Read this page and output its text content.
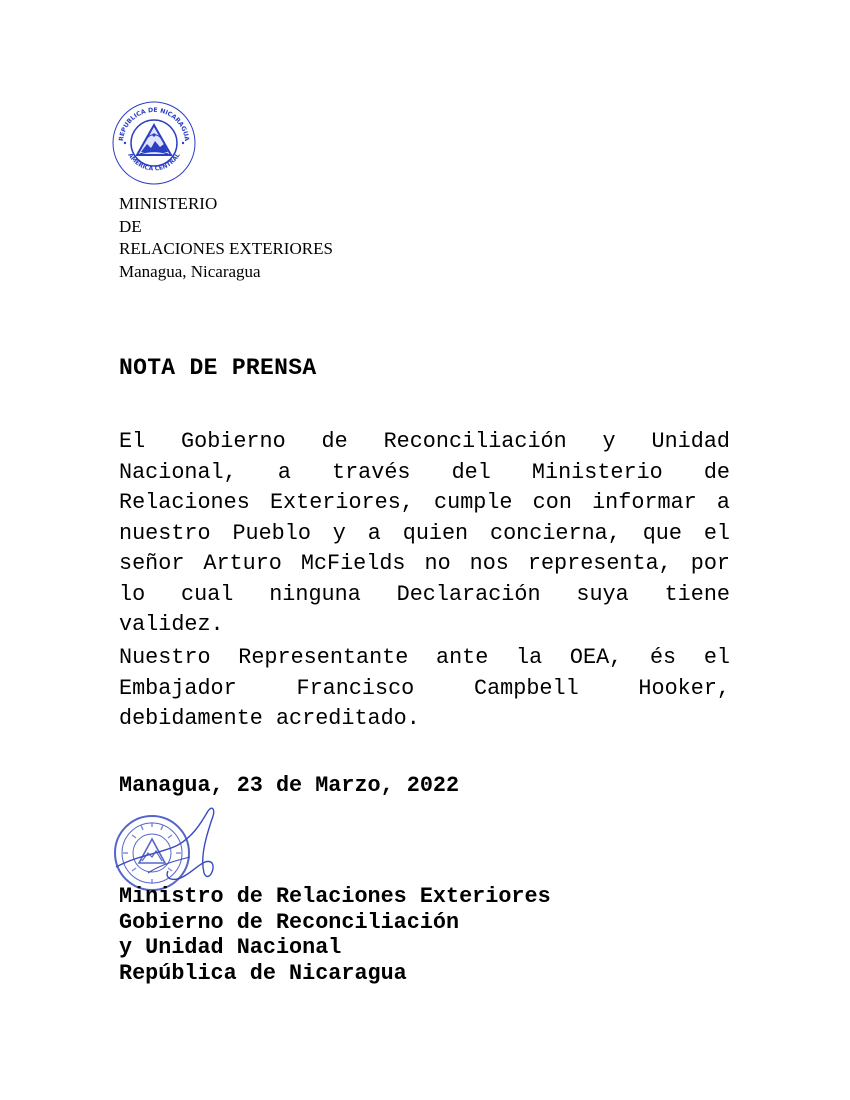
REPUBLICA DE NICARAGUA
AMERICA CENTRAL
MINISTERIO
DE
RELACIONES EXTERIORES
Managua, Nicaragua
NOTA DE PRENSA
El Gobierno de Reconciliación y Unidad Nacional, a través del Ministerio de Relaciones Exteriores, cumple con informar a nuestro Pueblo y a quien concierna, que el señor Arturo McFields no nos representa, por lo cual ninguna Declaración suya tiene validez.
Nuestro Representante ante la OEA, és el Embajador Francisco Campbell Hooker, debidamente acreditado.
Managua, 23 de Marzo, 2022
Ministro de Relaciones Exteriores
Gobierno de Reconciliación
y Unidad Nacional
República de Nicaragua
